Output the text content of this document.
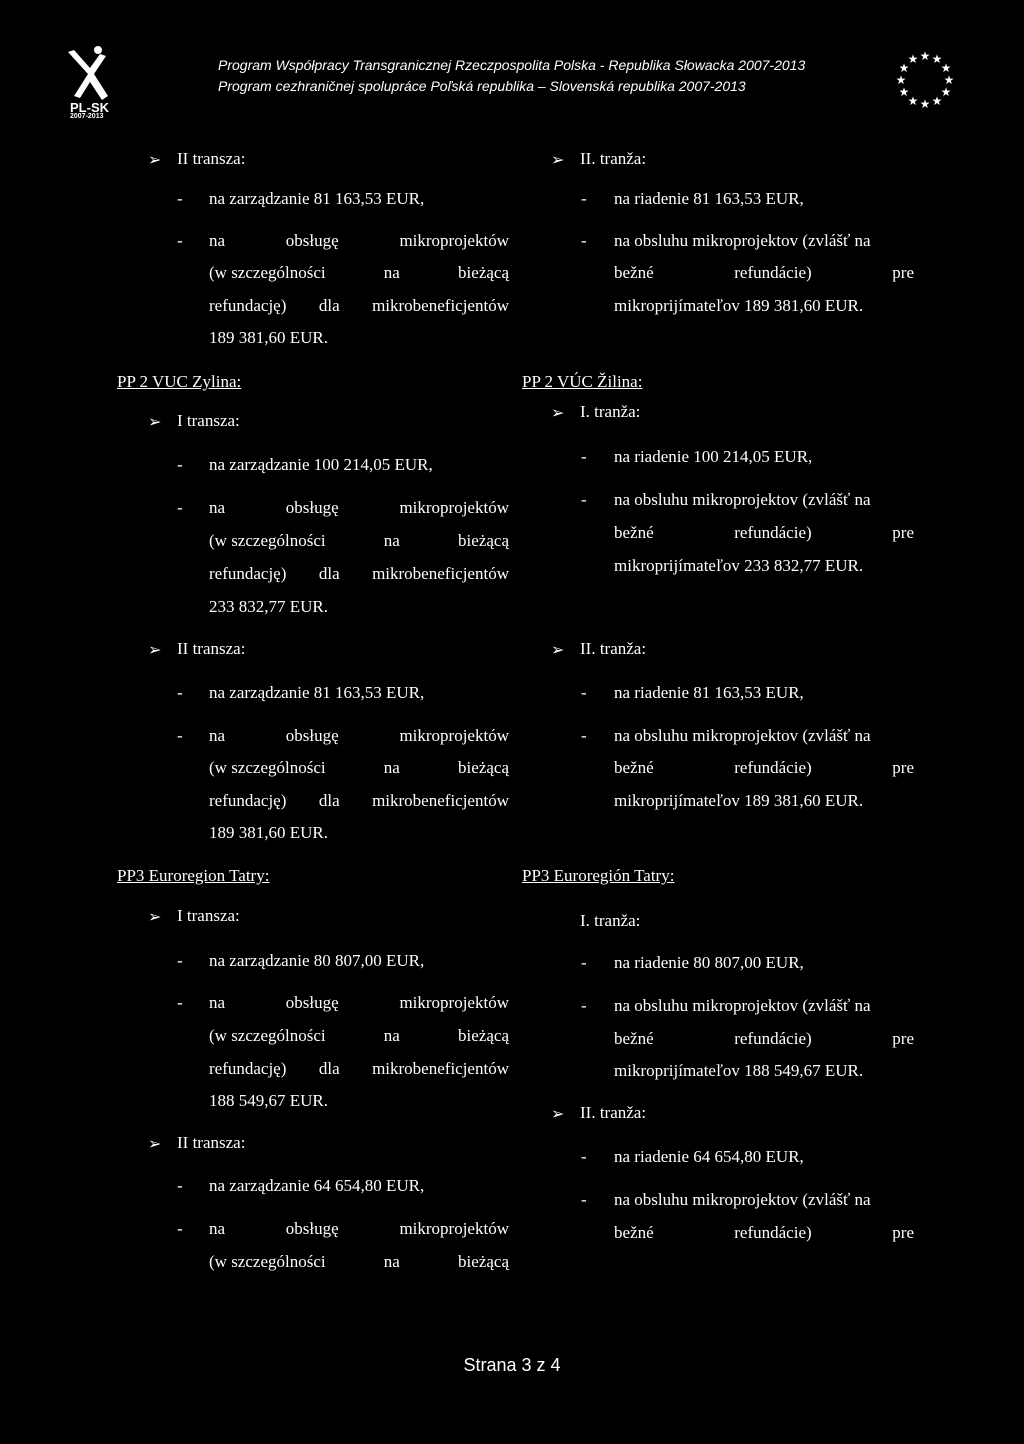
PL-SK
2007-2013
Program Współpracy Transgranicznej Rzeczpospolita Polska - Republika Słowacka 2007-2013
Program cezhraničnej spolupráce Poľská republika – Slovenská republika 2007-2013
★ ★
★
★
★
★
★
★
★
★
★
★
➢ II transza:
- na zarządzanie 81 163,53 EUR,
- na	obsługę	mikroprojektów
(w szczególności	na	bieżącą
refundację) dla mikrobeneficjentów
189 381,60 EUR.
PP 2 VUC Zylina:
➢ I transza:
- na zarządzanie 100 214,05 EUR,
- na	obsługę	mikroprojektów
(w szczególności	na	bieżącą
refundację) dla mikrobeneficjentów
233 832,77 EUR.
➢ II transza:
- na zarządzanie 81 163,53 EUR,
- na	obsługę	mikroprojektów
(w szczególności	na	bieżącą
refundację) dla mikrobeneficjentów
189 381,60 EUR.
PP3 Euroregion Tatry:
➢ I transza:
- na zarządzanie 80 807,00 EUR,
- na	obsługę	mikroprojektów
(w szczególności	na	bieżącą
refundację) dla mikrobeneficjentów
188 549,67 EUR.
➢ II transza:
- na zarządzanie 64 654,80 EUR,
- na	obsługę	mikroprojektów
(w szczególności	na	bieżącą
➢ II. tranža:
- na riadenie 81 163,53 EUR,
- na obsluhu mikroprojektov (zvlášť na
bežné	refundácie)	pre
mikroprijímateľov 189 381,60 EUR.
PP 2 VÚC Žilina:
➢ I. tranža:
- na riadenie 100 214,05 EUR,
- na obsluhu mikroprojektov (zvlášť na
bežné	refundácie)	pre
mikroprijímateľov 233 832,77 EUR.
➢ II. tranža:
- na riadenie 81 163,53 EUR,
- na obsluhu mikroprojektov (zvlášť na
bežné	refundácie)	pre
mikroprijímateľov 189 381,60 EUR.
PP3 Euroregión Tatry:
I. tranža:
- na riadenie 80 807,00 EUR,
- na obsluhu mikroprojektov (zvlášť na
bežné	refundácie)	pre
mikroprijímateľov 188 549,67 EUR.
➢ II. tranža:
- na riadenie 64 654,80 EUR,
- na obsluhu mikroprojektov (zvlášť na
bežné	refundácie)	pre
Strana 3 z 4
